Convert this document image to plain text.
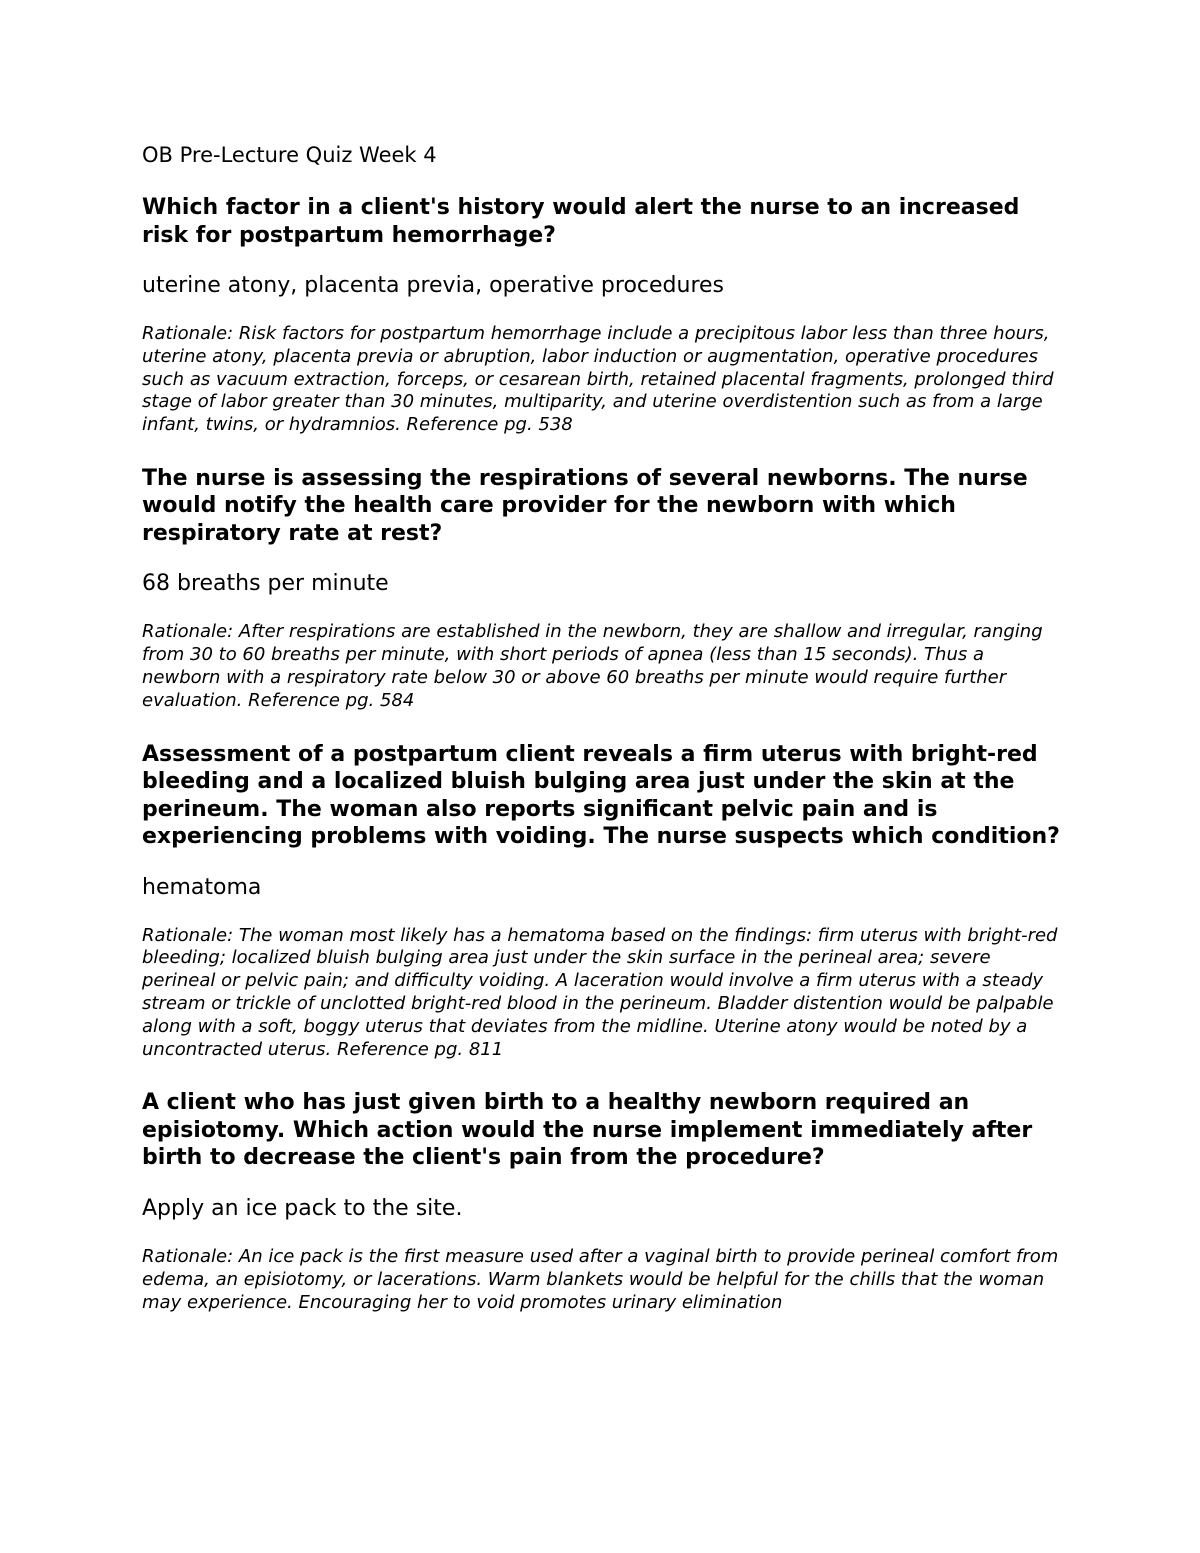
OB Pre-Lecture Quiz Week 4
Which factor in a client's history would alert the nurse to an increased risk for postpartum hemorrhage?
uterine atony, placenta previa, operative procedures
Rationale: Risk factors for postpartum hemorrhage include a precipitous labor less than three hours, uterine atony, placenta previa or abruption, labor induction or augmentation, operative procedures such as vacuum extraction, forceps, or cesarean birth, retained placental fragments, prolonged third stage of labor greater than 30 minutes, multiparity, and uterine overdistention such as from a large infant, twins, or hydramnios. Reference pg. 538
The nurse is assessing the respirations of several newborns. The nurse would notify the health care provider for the newborn with which respiratory rate at rest?
68 breaths per minute
Rationale: After respirations are established in the newborn, they are shallow and irregular, ranging from 30 to 60 breaths per minute, with short periods of apnea (less than 15 seconds). Thus a newborn with a respiratory rate below 30 or above 60 breaths per minute would require further evaluation. Reference pg. 584
Assessment of a postpartum client reveals a firm uterus with bright-red bleeding and a localized bluish bulging area just under the skin at the perineum. The woman also reports significant pelvic pain and is experiencing problems with voiding. The nurse suspects which condition?
hematoma
Rationale: The woman most likely has a hematoma based on the findings: firm uterus with bright-red bleeding; localized bluish bulging area just under the skin surface in the perineal area; severe perineal or pelvic pain; and difficulty voiding. A laceration would involve a firm uterus with a steady stream or trickle of unclotted bright-red blood in the perineum. Bladder distention would be palpable along with a soft, boggy uterus that deviates from the midline. Uterine atony would be noted by a uncontracted uterus. Reference pg. 811
A client who has just given birth to a healthy newborn required an episiotomy. Which action would the nurse implement immediately after birth to decrease the client's pain from the procedure?
Apply an ice pack to the site.
Rationale: An ice pack is the first measure used after a vaginal birth to provide perineal comfort from edema, an episiotomy, or lacerations. Warm blankets would be helpful for the chills that the woman may experience. Encouraging her to void promotes urinary elimination
